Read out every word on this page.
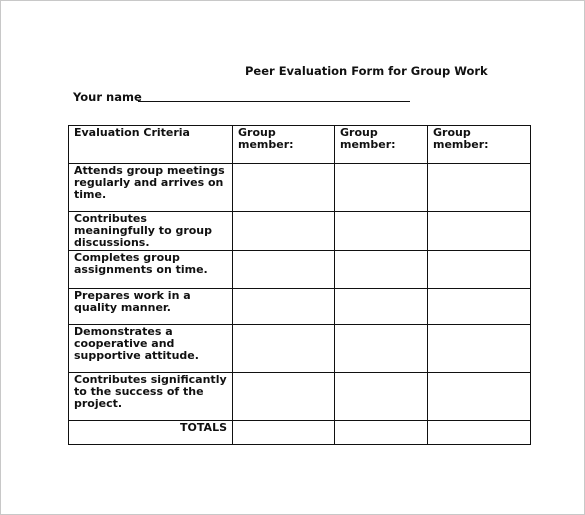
Peer Evaluation Form for Group Work
Your name
Evaluation Criteria	Group member:	Group member:	Group member:
Attends group meetings regularly and arrives on time.			
Contributes meaningfully to group discussions.			
Completes group assignments on time.			
Prepares work in a quality manner.			
Demonstrates a cooperative and supportive attitude.			
Contributes significantly to the success of the project.			
TOTALS			
